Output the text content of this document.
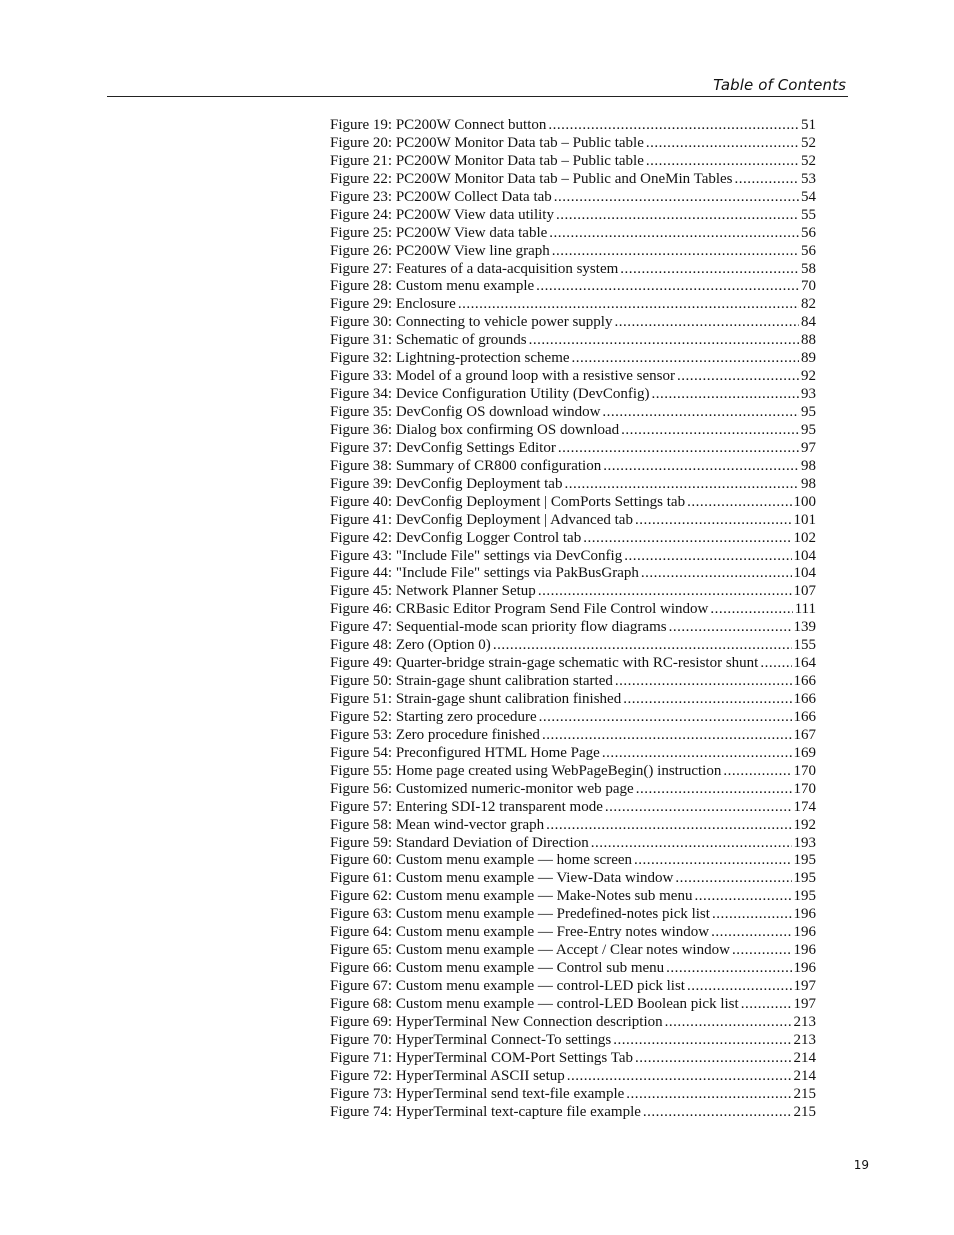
Table of Contents
Figure 19: PC200W Connect button .....	51
Figure 20: PC200W Monitor Data tab – Public table .....	52
Figure 21: PC200W Monitor Data tab – Public table .....	52
Figure 22: PC200W Monitor Data tab – Public and OneMin Tables .....	53
Figure 23: PC200W Collect Data tab .....	54
Figure 24: PC200W View data utility .....	55
Figure 25: PC200W View data table .....	56
Figure 26: PC200W View line graph .....	56
Figure 27: Features of a data-acquisition system .....	58
Figure 28: Custom menu example .....	70
Figure 29: Enclosure .....	82
Figure 30: Connecting to vehicle power supply .....	84
Figure 31: Schematic of grounds .....	88
Figure 32: Lightning-protection scheme .....	89
Figure 33: Model of a ground loop with a resistive sensor .....	92
Figure 34: Device Configuration Utility (DevConfig) .....	93
Figure 35: DevConfig OS download window .....	95
Figure 36: Dialog box confirming OS download .....	95
Figure 37: DevConfig Settings Editor .....	97
Figure 38: Summary of CR800 configuration .....	98
Figure 39: DevConfig Deployment tab .....	98
Figure 40: DevConfig Deployment | ComPorts Settings tab .....	100
Figure 41: DevConfig Deployment | Advanced tab .....	101
Figure 42: DevConfig Logger Control tab .....	102
Figure 43: "Include File" settings via DevConfig .....	104
Figure 44: "Include File" settings via PakBusGraph .....	104
Figure 45: Network Planner Setup .....	107
Figure 46: CRBasic Editor Program Send File Control window .....	111
Figure 47: Sequential-mode scan priority flow diagrams .....	139
Figure 48: Zero (Option 0) .....	155
Figure 49: Quarter-bridge strain-gage schematic with RC-resistor shunt ..... 164
Figure 50: Strain-gage shunt calibration started .....	166
Figure 51: Strain-gage shunt calibration finished .....	166
Figure 52: Starting zero procedure .....	166
Figure 53: Zero procedure finished .....	167
Figure 54: Preconfigured HTML Home Page .....	169
Figure 55: Home page created using WebPageBegin() instruction .....	170
Figure 56: Customized numeric-monitor web page .....	170
Figure 57: Entering SDI-12 transparent mode .....	174
Figure 58: Mean wind-vector graph .....	192
Figure 59: Standard Deviation of Direction .....	193
Figure 60: Custom menu example — home screen .....	195
Figure 61: Custom menu example — View-Data window .....	195
Figure 62: Custom menu example — Make-Notes sub menu .....	195
Figure 63: Custom menu example — Predefined-notes pick list .....	196
Figure 64: Custom menu example — Free-Entry notes window .....	196
Figure 65: Custom menu example — Accept / Clear notes window .....	196
Figure 66: Custom menu example — Control sub menu .....	196
Figure 67: Custom menu example — control-LED pick list .....	197
Figure 68: Custom menu example — control-LED Boolean pick list .....	197
Figure 69: HyperTerminal New Connection description .....	213
Figure 70: HyperTerminal Connect-To settings .....	213
Figure 71: HyperTerminal COM-Port Settings Tab .....	214
Figure 72: HyperTerminal ASCII setup .....	214
Figure 73: HyperTerminal send text-file example .....	215
Figure 74: HyperTerminal text-capture file example .....	215
19
